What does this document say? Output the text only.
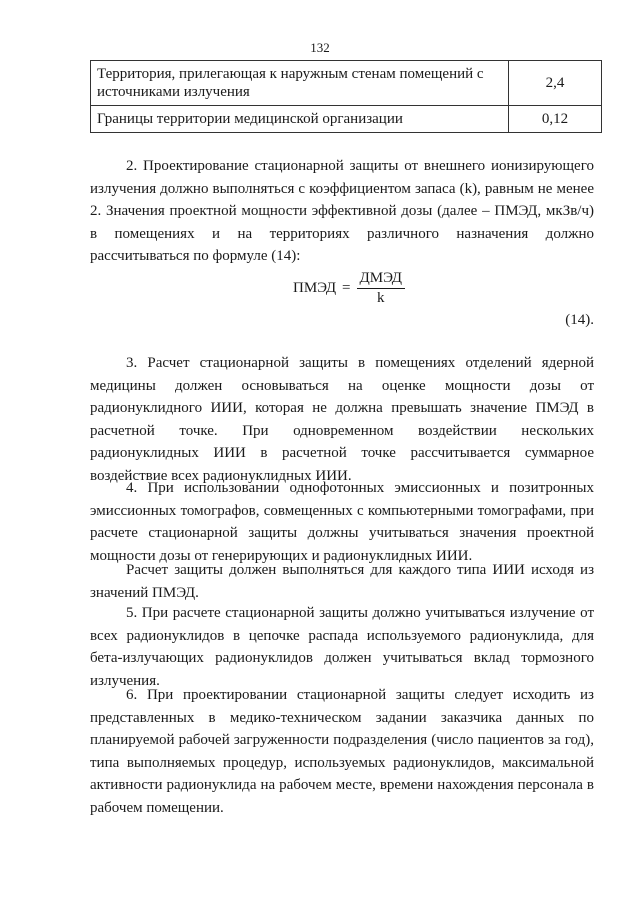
132
Территория, прилегающая к наружным стенам помещений с источниками излучения	2,4
Границы территории медицинской организации	0,12

2. Проектирование стационарной защиты от внешнего ионизирующего излучения должно выполняться с коэффициентом запаса (k), равным не менее 2. Значения проектной мощности эффективной дозы (далее – ПМЭД, мкЗв/ч) в помещениях и на территориях различного назначения должно рассчитываться по формуле (14):

ПМЭД = $\frac{\text{ДМЭД}}{k}$
(14).

3. Расчет стационарной защиты в помещениях отделений ядерной медицины должен основываться на оценке мощности дозы от радионуклидного ИИИ, которая не должна превышать значение ПМЭД в расчетной точке. При одновременном воздействии нескольких радионуклидных ИИИ в расчетной точке рассчитывается суммарное воздействие всех радионуклидных ИИИ.

4. При использовании однофотонных эмиссионных и позитронных эмиссионных томографов, совмещенных с компьютерными томографами, при расчете стационарной защиты должны учитываться значения проектной мощности дозы от генерирующих и радионуклидных ИИИ.

Расчет защиты должен выполняться для каждого типа ИИИ исходя из значений ПМЭД.

5. При расчете стационарной защиты должно учитываться излучение от всех радионуклидов в цепочке распада используемого радионуклида, для бета-излучающих радионуклидов должен учитываться вклад тормозного излучения.

6. При проектировании стационарной защиты следует исходить из представленных в медико-техническом задании заказчика данных по планируемой рабочей загруженности подразделения (число пациентов за год), типа выполняемых процедур, используемых радионуклидов, максимальной активности радионуклида на рабочем месте, времени нахождения персонала в рабочем помещении.
